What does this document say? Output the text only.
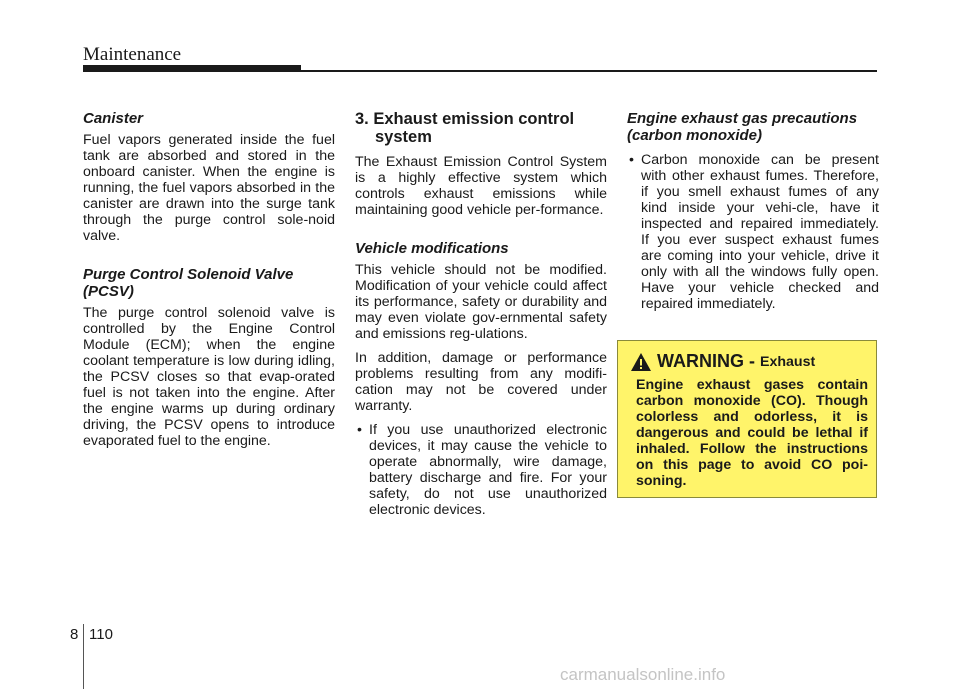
Maintenance
Canister

Fuel vapors generated inside the fuel tank are absorbed and stored in the onboard canister. When the engine is running, the fuel vapors absorbed in the canister are drawn into the surge tank through the purge control sole-noid valve.

Purge Control Solenoid Valve (PCSV)

The purge control solenoid valve is controlled by the Engine Control Module (ECM); when the engine coolant temperature is low during idling, the PCSV closes so that evap-orated fuel is not taken into the engine. After the engine warms up during ordinary driving, the PCSV opens to introduce evaporated fuel to the engine.

3. Exhaust emission control system

The Exhaust Emission Control System is a highly effective system which controls exhaust emissions while maintaining good vehicle per-formance.

Vehicle modifications

This vehicle should not be modified. Modification of your vehicle could affect its performance, safety or durability and may even violate gov-ernmental safety and emissions reg-ulations.

In addition, damage or performance problems resulting from any modifi-cation may not be covered under warranty.

• If you use unauthorized electronic devices, it may cause the vehicle to operate abnormally, wire damage, battery discharge and fire. For your safety, do not use unauthorized electronic devices.
Engine exhaust gas precautions (carbon monoxide)
• Carbon monoxide can be present with other exhaust fumes. Therefore, if you smell exhaust fumes of any kind inside your vehi-cle, have it inspected and repaired immediately. If you ever suspect exhaust fumes are coming into your vehicle, drive it only with all the windows fully open. Have your vehicle checked and repaired immediately.
WARNING - Exhaust
Engine exhaust gases contain carbon monoxide (CO). Though colorless and odorless, it is dangerous and could be lethal if inhaled. Follow the instructions on this page to avoid CO poi-soning.
8 110
carmanualsonline.info
